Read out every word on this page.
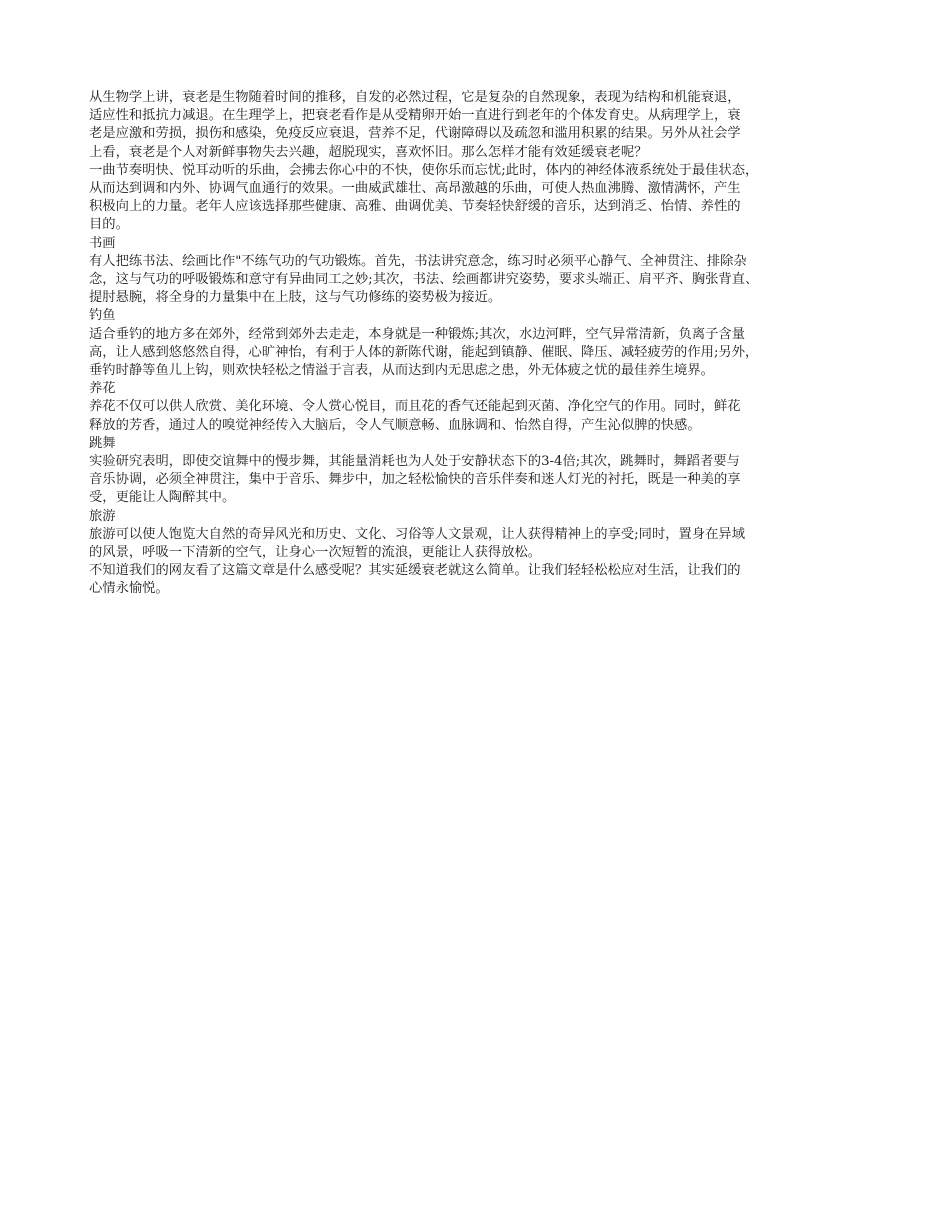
从生物学上讲，衰老是生物随着时间的推移，自发的必然过程，它是复杂的自然现象，表现为结构和机能衰退，
适应性和抵抗力减退。在生理学上，把衰老看作是从受精卵开始一直进行到老年的个体发育史。从病理学上，衰
老是应激和劳损，损伤和感染，免疫反应衰退，营养不足，代谢障碍以及疏忽和滥用积累的结果。另外从社会学
上看，衰老是个人对新鲜事物失去兴趣，超脱现实，喜欢怀旧。那么怎样才能有效延缓衰老呢？

一曲节奏明快、悦耳动听的乐曲，会拂去你心中的不快，使你乐而忘忧;此时，体内的神经体液系统处于最佳状态，
从而达到调和内外、协调气血通行的效果。一曲威武雄壮、高昂激越的乐曲，可使人热血沸腾、激情满怀，产生
积极向上的力量。老年人应该选择那些健康、高雅、曲调优美、节奏轻快舒缓的音乐，达到消乏、怡情、养性的
目的。

书画

有人把练书法、绘画比作"不练气功的气功锻炼。首先，书法讲究意念，练习时必须平心静气、全神贯注、排除杂
念，这与气功的呼吸锻炼和意守有异曲同工之妙;其次，书法、绘画都讲究姿势，要求头端正、肩平齐、胸张背直、
提肘悬腕，将全身的力量集中在上肢，这与气功修练的姿势极为接近。

钓鱼

适合垂钓的地方多在郊外，经常到郊外去走走，本身就是一种锻炼;其次，水边河畔，空气异常清新，负离子含量
高，让人感到悠悠然自得，心旷神怡，有利于人体的新陈代谢，能起到镇静、催眠、降压、减轻疲劳的作用;另外，
垂钓时静等鱼儿上钩，则欢快轻松之情溢于言表，从而达到内无思虑之患，外无体疲之忧的最佳养生境界。

养花

养花不仅可以供人欣赏、美化环境、令人赏心悦目，而且花的香气还能起到灭菌、净化空气的作用。同时，鲜花
释放的芳香，通过人的嗅觉神经传入大脑后，令人气顺意畅、血脉调和、怡然自得，产生沁似脾的快感。

跳舞

实验研究表明，即使交谊舞中的慢步舞，其能量消耗也为人处于安静状态下的3-4倍;其次，跳舞时，舞蹈者要与
音乐协调，必须全神贯注，集中于音乐、舞步中，加之轻松愉快的音乐伴奏和迷人灯光的衬托，既是一种美的享
受，更能让人陶醉其中。

旅游

旅游可以使人饱览大自然的奇异风光和历史、文化、习俗等人文景观，让人获得精神上的享受;同时，置身在异域
的风景，呼吸一下清新的空气，让身心一次短暂的流浪，更能让人获得放松。

不知道我们的网友看了这篇文章是什么感受呢？其实延缓衰老就这么简单。让我们轻轻松松应对生活，让我们的
心情永愉悦。
